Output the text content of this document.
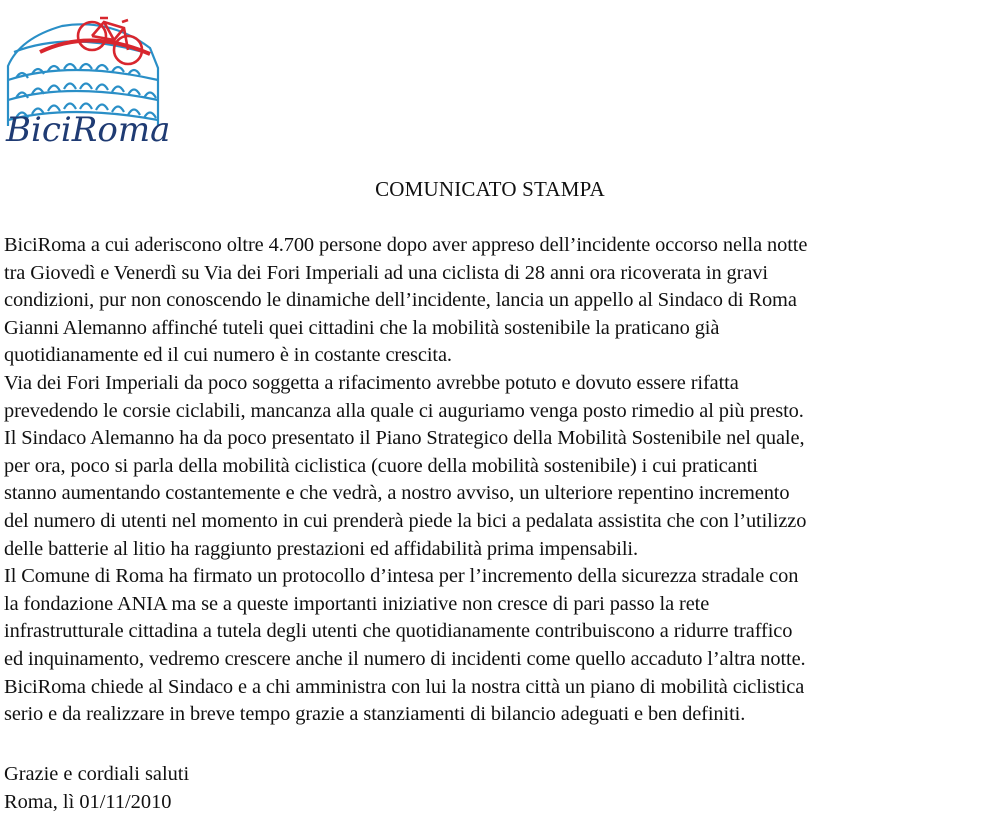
BiciRoma
COMUNICATO STAMPA
BiciRoma a cui aderiscono oltre 4.700 persone dopo aver appreso dell’incidente occorso nella notte
tra Giovedì e Venerdì su Via dei Fori Imperiali ad una ciclista di 28 anni ora ricoverata in gravi
condizioni, pur non conoscendo le dinamiche dell’incidente, lancia un appello al Sindaco di Roma
Gianni Alemanno affinché tuteli quei cittadini che la mobilità sostenibile la praticano già
quotidianamente ed il cui numero è in costante crescita.
Via dei Fori Imperiali da poco soggetta a rifacimento avrebbe potuto e dovuto essere rifatta
prevedendo le corsie ciclabili, mancanza alla quale ci auguriamo venga posto rimedio al più presto.
Il Sindaco Alemanno ha da poco presentato il Piano Strategico della Mobilità Sostenibile nel quale,
per ora, poco si parla della mobilità ciclistica (cuore della mobilità sostenibile) i cui praticanti
stanno aumentando costantemente e che vedrà, a nostro avviso, un ulteriore repentino incremento
del numero di utenti nel momento in cui prenderà piede la bici a pedalata assistita che con l’utilizzo
delle batterie al litio ha raggiunto prestazioni ed affidabilità prima impensabili.
Il Comune di Roma ha firmato un protocollo d’intesa per l’incremento della sicurezza stradale con
la fondazione ANIA ma se a queste importanti iniziative non cresce di pari passo la rete
infrastrutturale cittadina a tutela degli utenti che quotidianamente contribuiscono a ridurre traffico
ed inquinamento, vedremo crescere anche il numero di incidenti come quello accaduto l’altra notte.
BiciRoma chiede al Sindaco e a chi amministra con lui la nostra città un piano di mobilità ciclistica
serio e da realizzare in breve tempo grazie a stanziamenti di bilancio adeguati e ben definiti.
Grazie e cordiali saluti
Roma, lì 01/11/2010
